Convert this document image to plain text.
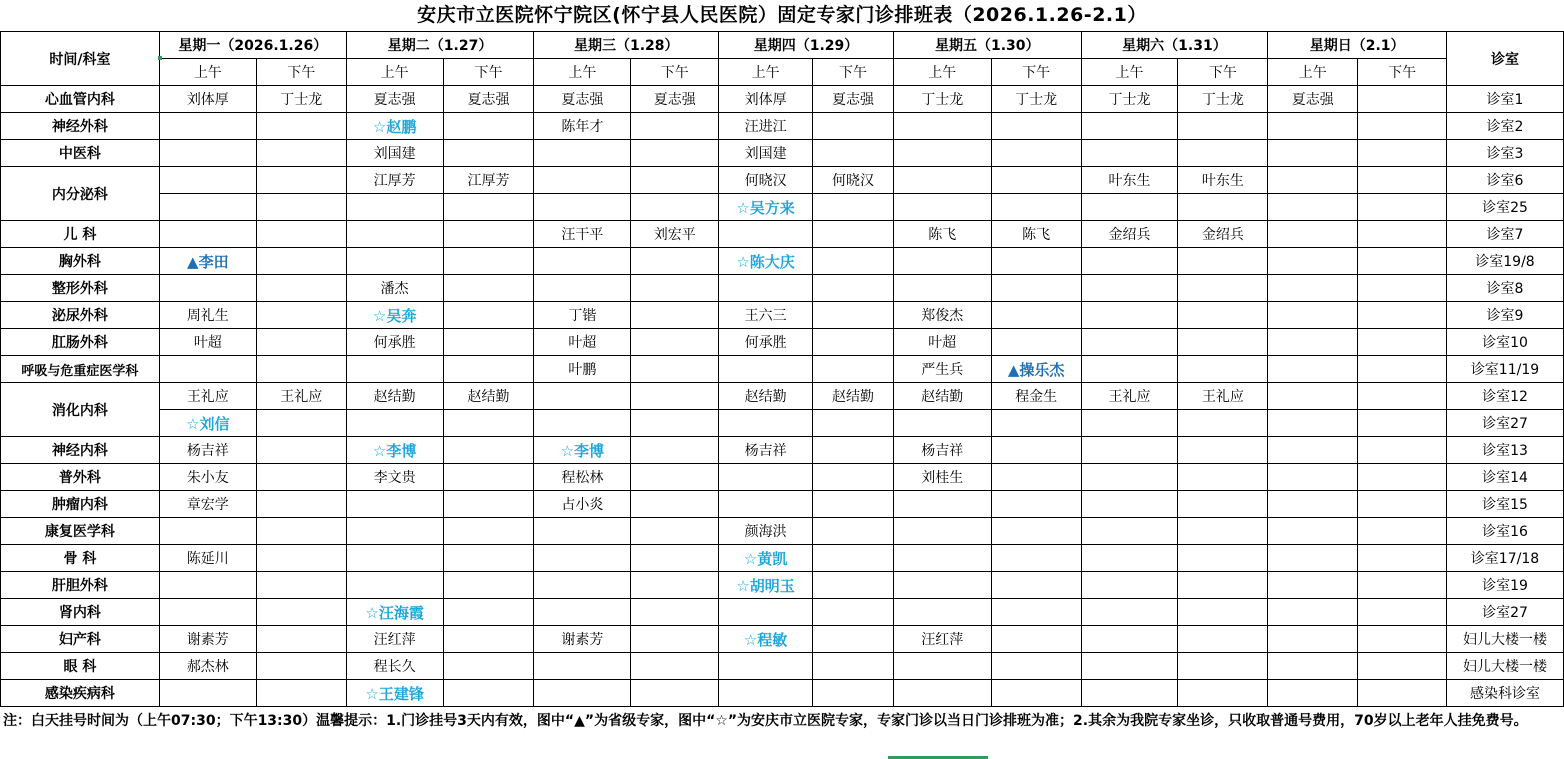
安庆市立医院怀宁院区(怀宁县人民医院）固定专家门诊排班表（2026.1.26-2.1）
时间/科室	星期一（2026.1.26）		星期二（1.27）		星期三（1.28）		星期四（1.29）		星期五（1.30）		星期六（1.31）		星期日（2.1）		诊室
	上午	下午	上午	下午	上午	下午	上午	下午	上午	下午	上午	下午	上午	下午	
心血管内科	刘体厚	丁士龙	夏志强	夏志强	夏志强	夏志强	刘体厚	夏志强	丁士龙	丁士龙	丁士龙	丁士龙	夏志强		诊室1
神经外科			☆赵鹏		陈年才		汪进江								诊室2
中医科			刘国建				刘国建								诊室3
内分泌科			江厚芳	江厚芳			何晓汉	何晓汉			叶东生	叶东生			诊室6
							☆吴方来								诊室25
儿 科					汪干平	刘宏平			陈飞	陈飞	金绍兵	金绍兵			诊室7
胸外科	▲李田						☆陈大庆								诊室19/8
整形外科			潘杰												诊室8
泌尿外科	周礼生		☆吴奔		丁锴		王六三		郑俊杰						诊室9
肛肠外科	叶超		何承胜		叶超		何承胜		叶超						诊室10
呼吸与危重症医学科					叶鹏				严生兵	▲操乐杰					诊室11/19
消化内科	王礼应	王礼应	赵结勤	赵结勤			赵结勤	赵结勤	赵结勤	程金生	王礼应	王礼应			诊室12
	☆刘信														诊室27
神经内科	杨吉祥		☆李博		☆李博		杨吉祥		杨吉祥						诊室13
普外科	朱小友		李文贵		程松林				刘桂生						诊室14
肿瘤内科	章宏学				占小炎										诊室15
康复医学科							颜海洪								诊室16
骨 科	陈延川						☆黄凯								诊室17/18
肝胆外科							☆胡明玉								诊室19
肾内科			☆汪海霞												诊室27
妇产科	谢素芳		汪红萍		谢素芳		☆程敏		汪红萍						妇儿大楼一楼
眼 科	郝杰林		程长久												妇儿大楼一楼
感染疾病科			☆王建锋												感染科诊室
注：白天挂号时间为（上午07:30；下午13:30）温馨提示：1.门诊挂号3天内有效，图中“▲”为省级专家，图中“☆”为安庆市立医院专家，专家门诊以当日门诊排班为准；2.其余为我院专家坐诊，只收取普通号费用，70岁以上老年人挂免费号。
